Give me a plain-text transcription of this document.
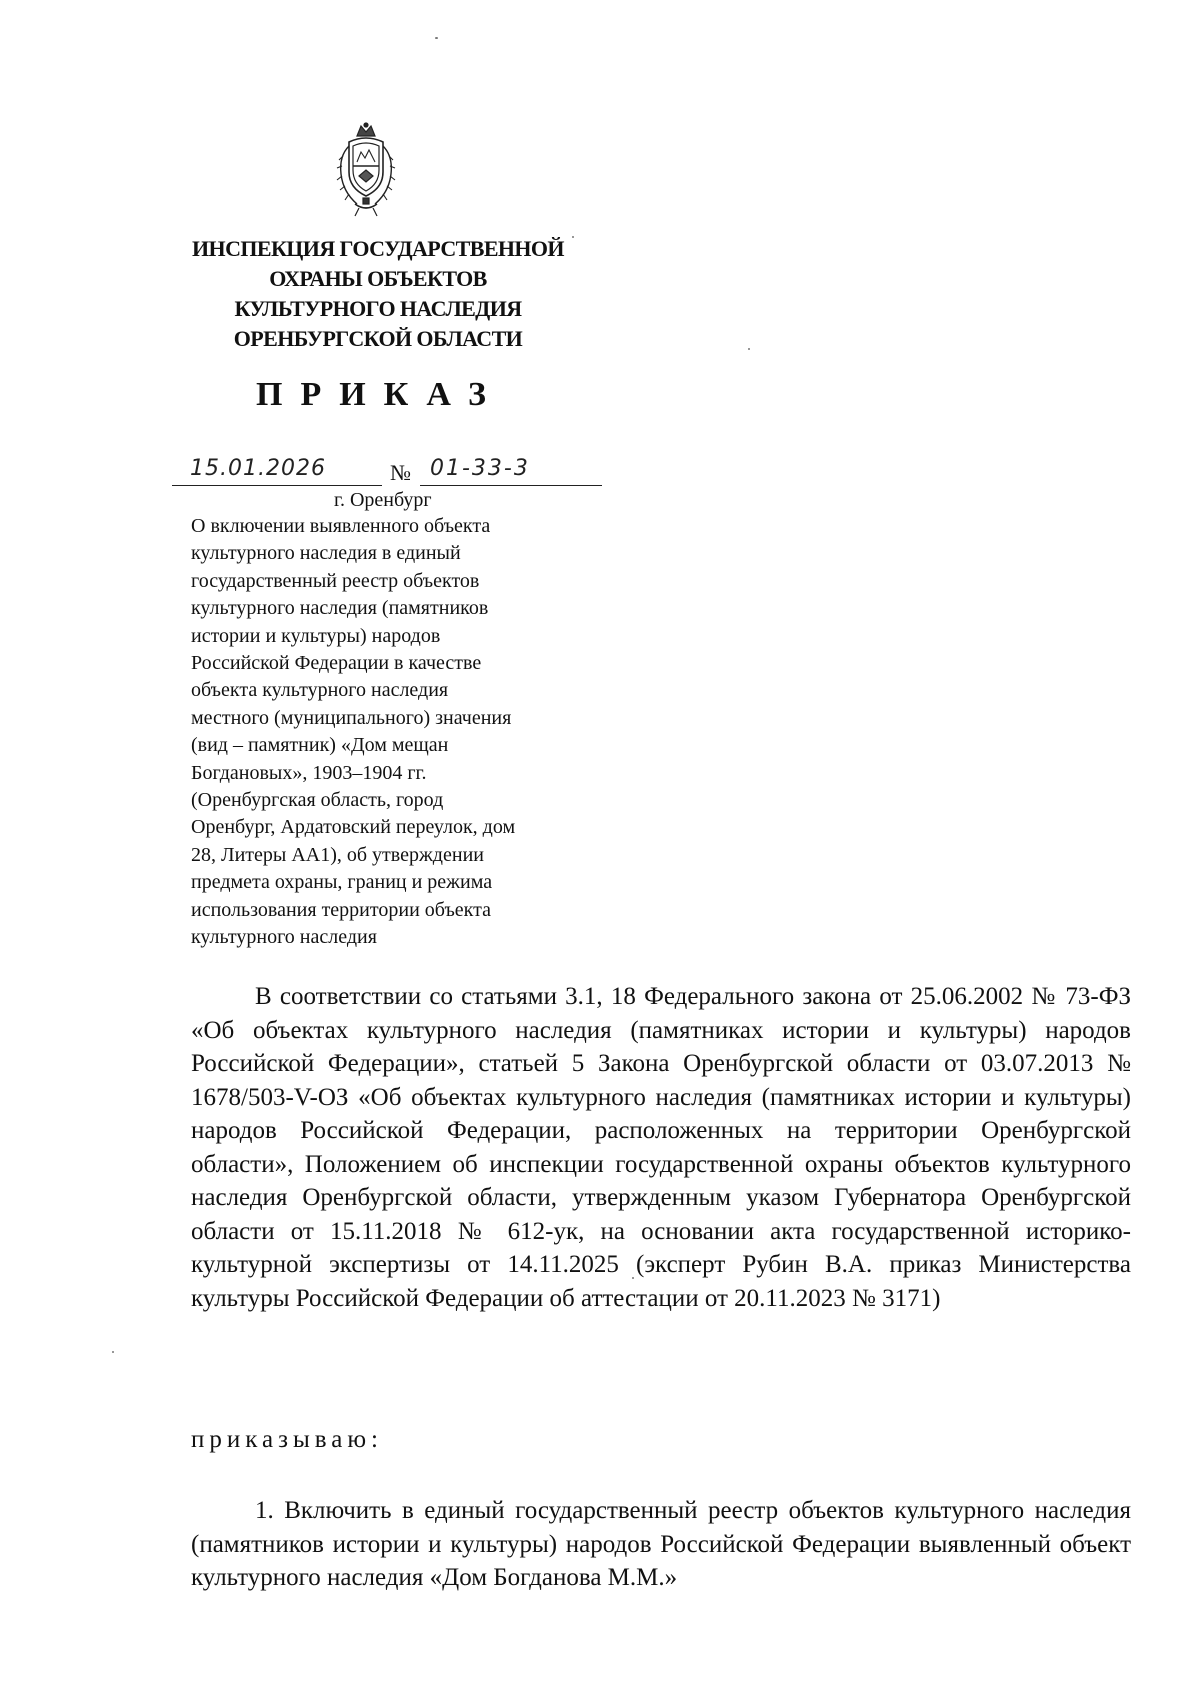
ИНСПЕКЦИЯ ГОСУДАРСТВЕННОЙ
ОХРАНЫ ОБЪЕКТОВ
КУЛЬТУРНОГО НАСЛЕДИЯ
ОРЕНБУРГСКОЙ ОБЛАСТИ
ПРИКАЗ
15.01.2026	№ 01-33-3
г. Оренбург
О включении выявленного объекта
культурного наследия в единый
государственный реестр объектов
культурного наследия (памятников
истории и культуры) народов
Российской Федерации в качестве
объекта культурного наследия
местного (муниципального) значения
(вид – памятник) «Дом мещан
Богдановых», 1903–1904 гг.
(Оренбургская область, город
Оренбург, Ардатовский переулок, дом
28, Литеры АА1), об утверждении
предмета охраны, границ и режима
использования территории объекта
культурного наследия
В соответствии со статьями 3.1, 18 Федерального закона от 25.06.2002 № 73-ФЗ «Об объектах культурного наследия (памятниках истории и культуры) народов Российской Федерации», статьей 5 Закона Оренбургской области от 03.07.2013 № 1678/503-V-ОЗ «Об объектах культурного наследия (памятниках истории и культуры) народов Российской Федерации, расположенных на территории Оренбургской области», Положением об инспекции государственной охраны объектов культурного наследия Оренбургской области, утвержденным указом Губернатора Оренбургской области от 15.11.2018 № 612-ук, на основании акта государственной историко-культурной экспертизы от 14.11.2025 (эксперт Рубин В.А. приказ Министерства культуры Российской Федерации об аттестации от 20.11.2023 № 3171)
приказываю:
1. Включить в единый государственный реестр объектов культурного наследия (памятников истории и культуры) народов Российской Федерации выявленный объект культурного наследия «Дом Богданова М.М.»
